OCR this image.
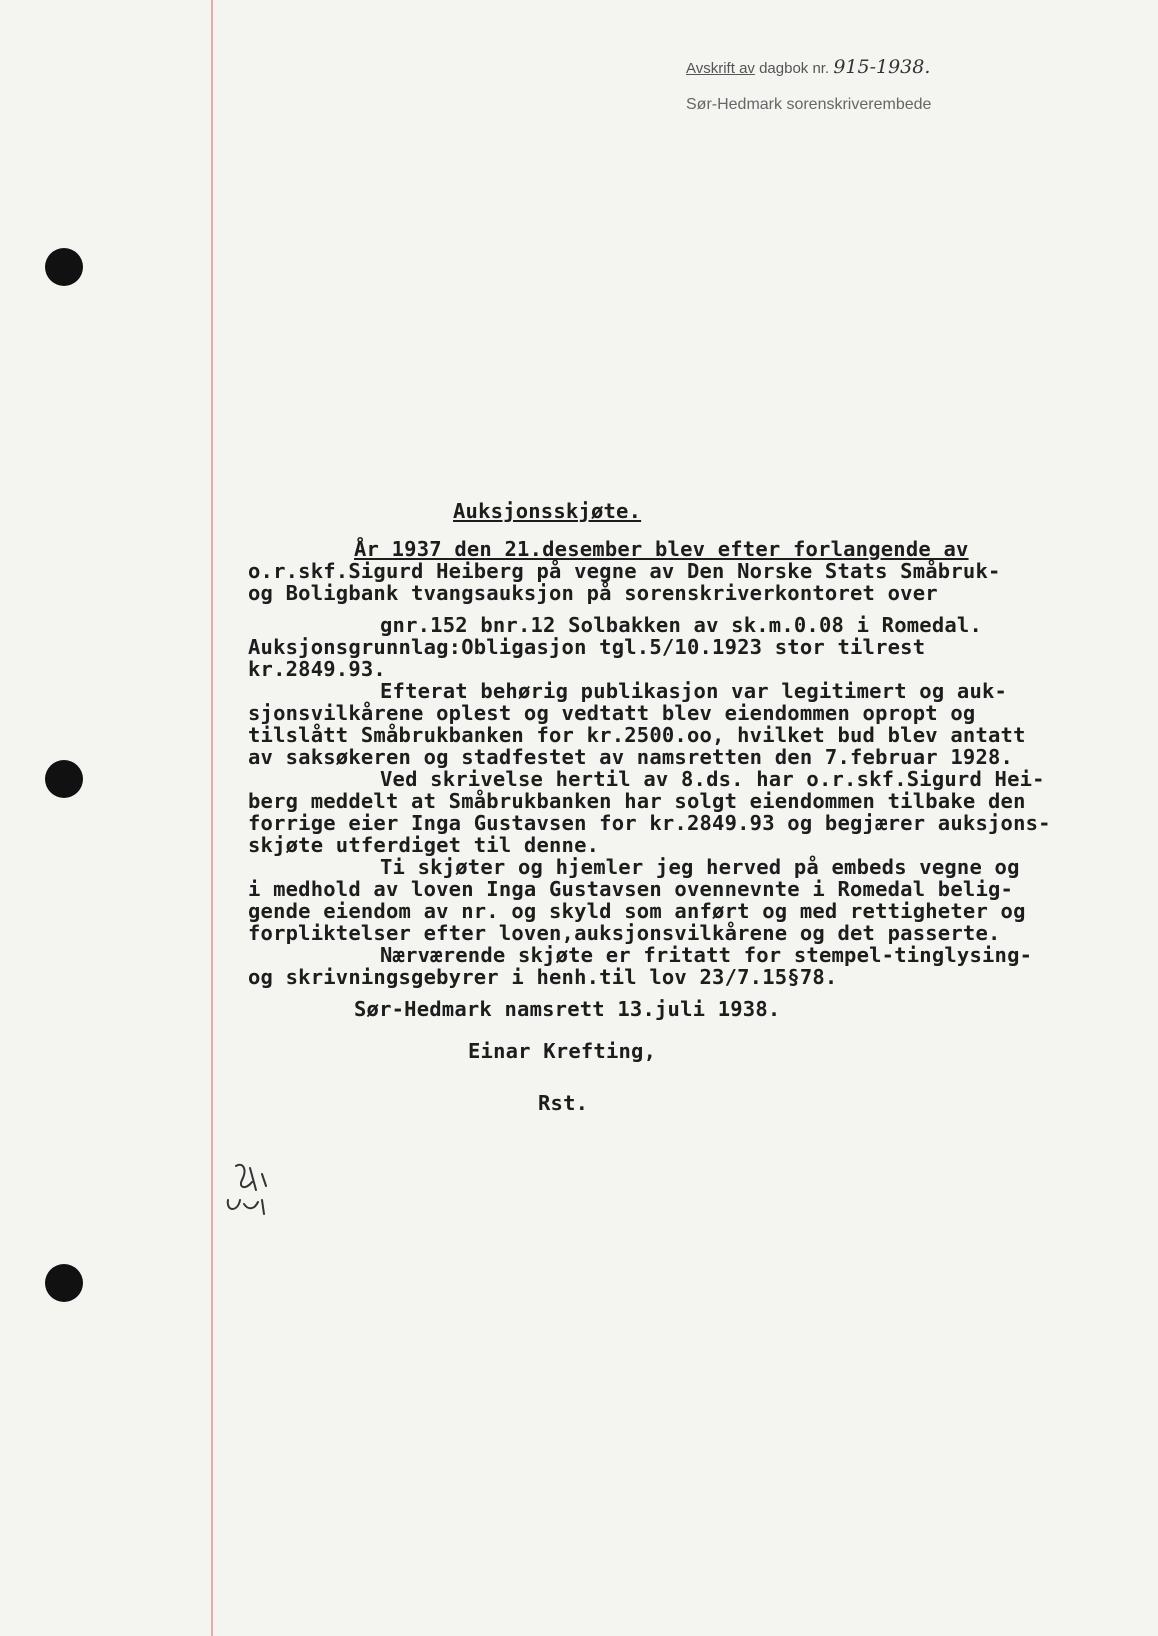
Avskrift av dagbok nr. 915-1938.
Sør-Hedmark sorenskriverembede
Auksjonsskjøte.
År 1937 den 21.desember blev efter forlangende av
o.r.skf.Sigurd Heiberg på vegne av Den Norske Stats Småbruk-
og Boligbank tvangsauksjon på sorenskriverkontoret over
gnr.152 bnr.12 Solbakken av sk.m.0.08 i Romedal.
Auksjonsgrunnlag:Obligasjon tgl.5/10.1923 stor tilrest
kr.2849.93.
Efterat behørig publikasjon var legitimert og auk-
sjonsvilkårene oplest og vedtatt blev eiendommen opropt og
tilslått Småbrukbanken for kr.2500.oo, hvilket bud blev antatt
av saksøkeren og stadfestet av namsretten den 7.februar 1928.
Ved skrivelse hertil av 8.ds. har o.r.skf.Sigurd Hei-
berg meddelt at Småbrukbanken har solgt eiendommen tilbake den
forrige eier Inga Gustavsen for kr.2849.93 og begjærer auksjons-
skjøte utferdiget til denne.
Ti skjøter og hjemler jeg herved på embeds vegne og
i medhold av loven Inga Gustavsen ovennevnte i Romedal belig-
gende eiendom av nr. og skyld som anført og med rettigheter og
forpliktelser efter loven,auksjonsvilkårene og det passerte.
Nærværende skjøte er fritatt for stempel-tinglysing-
og skrivningsgebyrer i henh.til lov 23/7.15§78.
Sør-Hedmark namsrett 13.juli 1938.
Einar Krefting,
Rst.
